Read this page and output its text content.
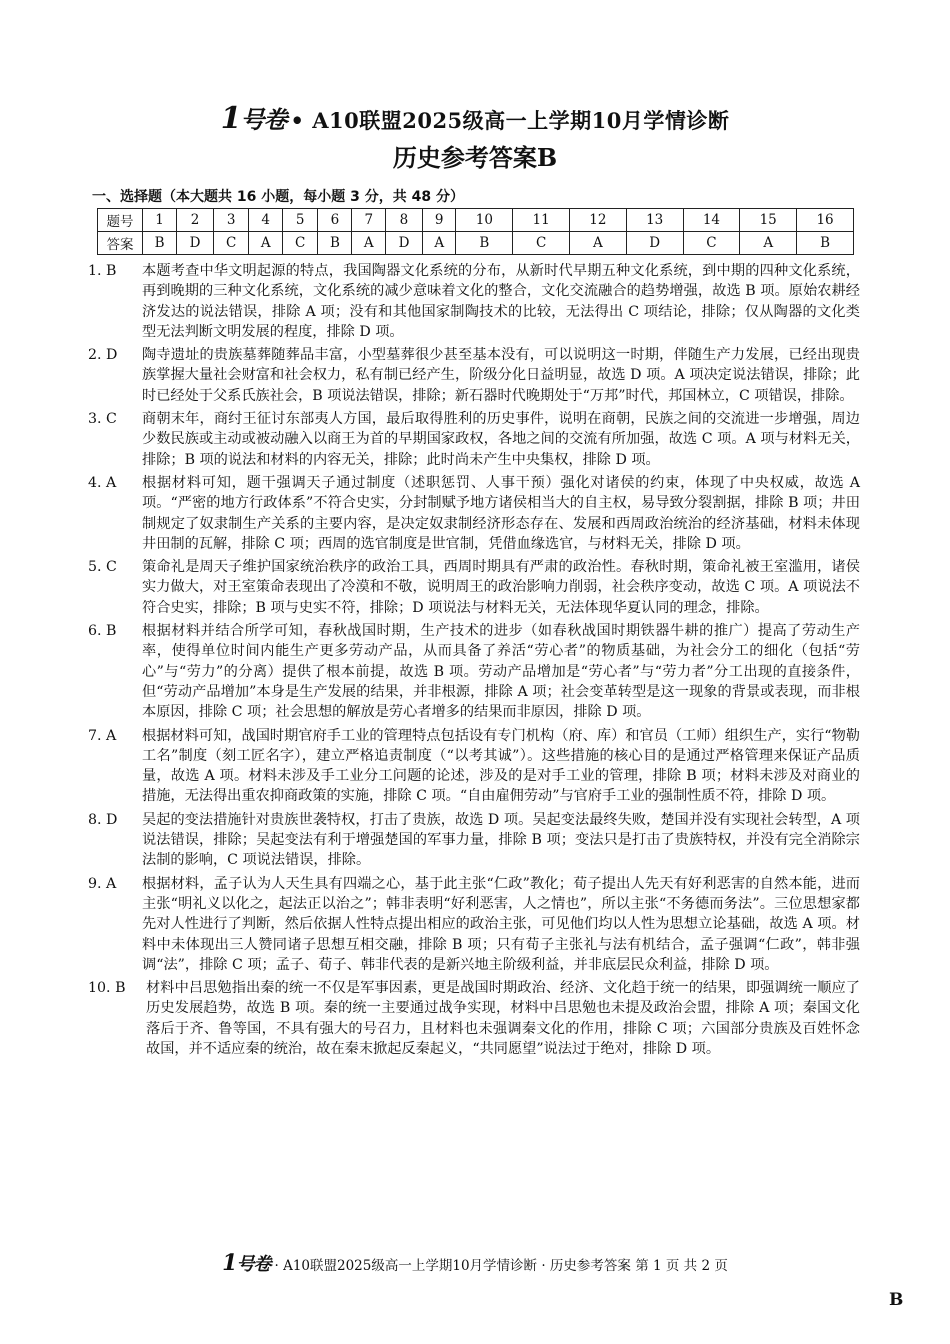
1号卷 • A10联盟2025级高一上学期10月学情诊断
历史参考答案B
一、选择题（本大题共 16 小题，每小题 3 分，共 48 分）
题号	1	2	3	4	5	6	7	8	9	10	11	12	13	14	15	16
答案	B	D	C	A	C	B	A	D	A	B	C	A	D	C	A	B
1. B 本题考查中华文明起源的特点，我国陶器文化系统的分布，从新时代早期五种文化系统，到中期的四种文化系统，再到晚期的三种文化系统，文化系统的减少意味着文化的整合，文化交流融合的趋势增强，故选 B 项。原始农耕经济发达的说法错误，排除 A 项；没有和其他国家制陶技术的比较，无法得出 C 项结论，排除；仅从陶器的文化类型无法判断文明发展的程度，排除 D 项。
2. D 陶寺遗址的贵族墓葬随葬品丰富，小型墓葬很少甚至基本没有，可以说明这一时期，伴随生产力发展，已经出现贵族掌握大量社会财富和社会权力，私有制已经产生，阶级分化日益明显，故选 D 项。A 项决定说法错误，排除；此时已经处于父系氏族社会，B 项说法错误，排除；新石器时代晚期处于“万邦”时代，邦国林立，C 项错误，排除。
3. C 商朝末年，商纣王征讨东部夷人方国，最后取得胜利的历史事件，说明在商朝，民族之间的交流进一步增强，周边少数民族或主动或被动融入以商王为首的早期国家政权，各地之间的交流有所加强，故选 C 项。A 项与材料无关，排除；B 项的说法和材料的内容无关，排除；此时尚未产生中央集权，排除 D 项。
4. A 根据材料可知，题干强调天子通过制度（述职惩罚、人事干预）强化对诸侯的约束，体现了中央权威，故选 A 项。“严密的地方行政体系”不符合史实，分封制赋予地方诸侯相当大的自主权，易导致分裂割据，排除 B 项；井田制规定了奴隶制生产关系的主要内容，是决定奴隶制经济形态存在、发展和西周政治统治的经济基础，材料未体现井田制的瓦解，排除 C 项；西周的选官制度是世官制，凭借血缘选官，与材料无关，排除 D 项。
5. C 策命礼是周天子维护国家统治秩序的政治工具，西周时期具有严肃的政治性。春秋时期，策命礼被王室滥用，诸侯实力做大，对王室策命表现出了冷漠和不敬，说明周王的政治影响力削弱，社会秩序变动，故选 C 项。A 项说法不符合史实，排除；B 项与史实不符，排除；D 项说法与材料无关，无法体现华夏认同的理念，排除。
6. B 根据材料并结合所学可知，春秋战国时期，生产技术的进步（如春秋战国时期铁器牛耕的推广）提高了劳动生产率，使得单位时间内能生产更多劳动产品，从而具备了养活“劳心者”的物质基础，为社会分工的细化（包括“劳心”与“劳力”的分离）提供了根本前提，故选 B 项。劳动产品增加是“劳心者”与“劳力者”分工出现的直接条件，但“劳动产品增加”本身是生产发展的结果，并非根源，排除 A 项；社会变革转型是这一现象的背景或表现，而非根本原因，排除 C 项；社会思想的解放是劳心者增多的结果而非原因，排除 D 项。
7. A 根据材料可知，战国时期官府手工业的管理特点包括设有专门机构（府、库）和官员（工师）组织生产，实行“物勒工名”制度（刻工匠名字），建立严格追责制度（“以考其诚”）。这些措施的核心目的是通过严格管理来保证产品质量，故选 A 项。材料未涉及手工业分工问题的论述，涉及的是对手工业的管理，排除 B 项；材料未涉及对商业的措施，无法得出重农抑商政策的实施，排除 C 项。“自由雇佣劳动”与官府手工业的强制性质不符，排除 D 项。
8. D 吴起的变法措施针对贵族世袭特权，打击了贵族，故选 D 项。吴起变法最终失败，楚国并没有实现社会转型，A 项说法错误，排除；吴起变法有利于增强楚国的军事力量，排除 B 项；变法只是打击了贵族特权，并没有完全消除宗法制的影响，C 项说法错误，排除。
9. A 根据材料，孟子认为人天生具有四端之心，基于此主张“仁政”教化；荀子提出人先天有好利恶害的自然本能，进而主张“明礼义以化之，起法正以治之”；韩非表明“好利恶害，人之情也”，所以主张“不务德而务法”。三位思想家都先对人性进行了判断，然后依据人性特点提出相应的政治主张，可见他们均以人性为思想立论基础，故选 A 项。材料中未体现出三人赞同诸子思想互相交融，排除 B 项；只有荀子主张礼与法有机结合，孟子强调“仁政”，韩非强调“法”，排除 C 项；孟子、荀子、韩非代表的是新兴地主阶级利益，并非底层民众利益，排除 D 项。
10. B 材料中吕思勉指出秦的统一不仅是军事因素，更是战国时期政治、经济、文化趋于统一的结果，即强调统一顺应了历史发展趋势，故选 B 项。秦的统一主要通过战争实现，材料中吕思勉也未提及政治会盟，排除 A 项；秦国文化落后于齐、鲁等国，不具有强大的号召力，且材料也未强调秦文化的作用，排除 C 项；六国部分贵族及百姓怀念故国，并不适应秦的统治，故在秦末掀起反秦起义，“共同愿望”说法过于绝对，排除 D 项。
1号卷 · A10联盟2025级高一上学期10月学情诊断 · 历史参考答案 第 1 页 共 2 页
B
